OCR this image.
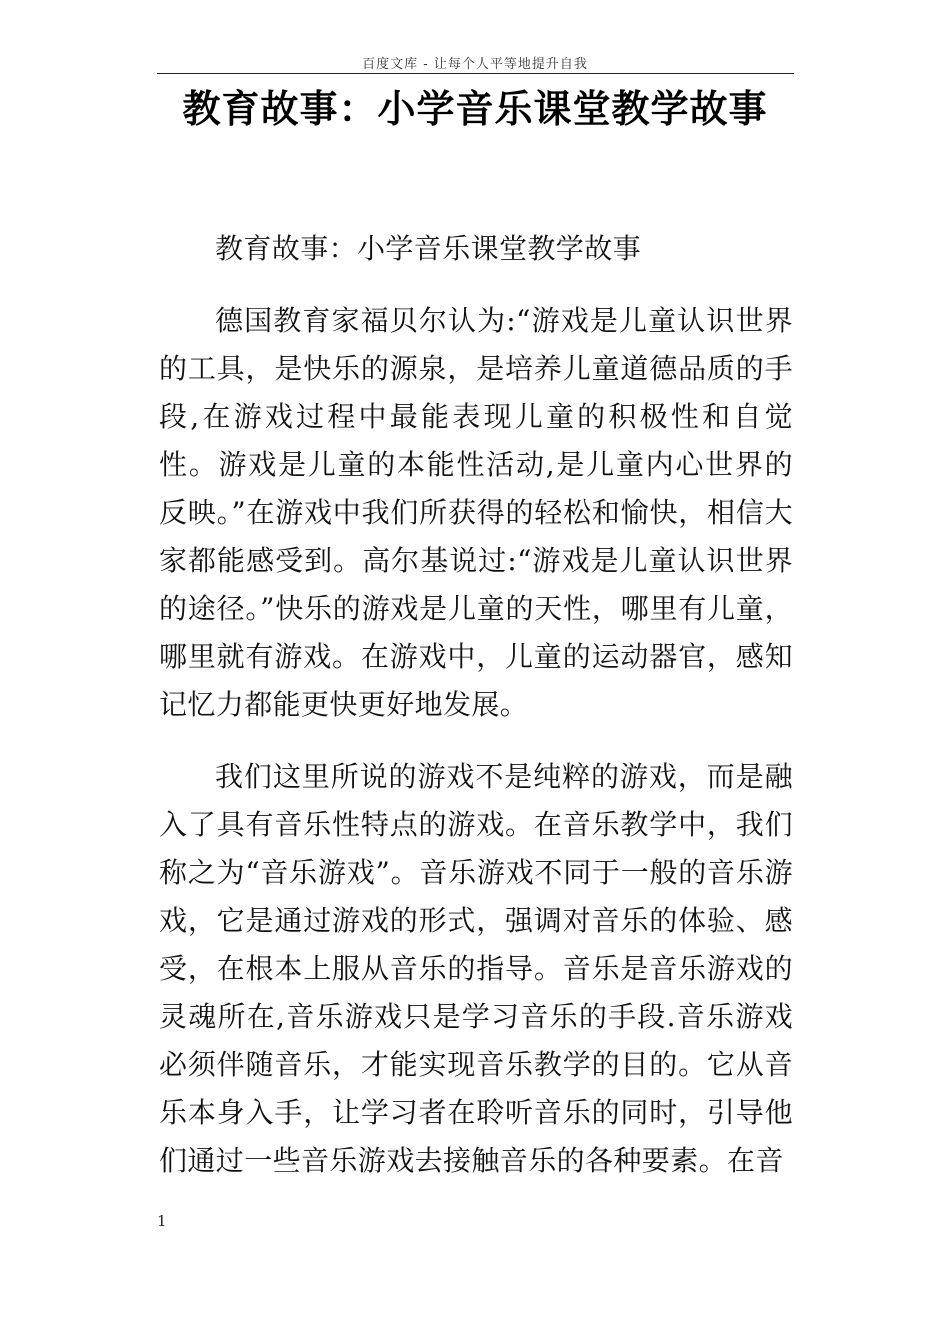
百度文库 - 让每个人平等地提升自我
教育故事：小学音乐课堂教学故事

教育故事：小学音乐课堂教学故事

德国教育家福贝尔认为:“游戏是儿童认识世界的工具，是快乐的源泉，是培养儿童道德品质的手段,在游戏过程中最能表现儿童的积极性和自觉性。游戏是儿童的本能性活动,是儿童内心世界的反映。”在游戏中我们所获得的轻松和愉快，相信大家都能感受到。高尔基说过:“游戏是儿童认识世界的途径。”快乐的游戏是儿童的天性，哪里有儿童，哪里就有游戏。在游戏中，儿童的运动器官，感知记忆力都能更快更好地发展。

我们这里所说的游戏不是纯粹的游戏，而是融入了具有音乐性特点的游戏。在音乐教学中，我们称之为“音乐游戏”。音乐游戏不同于一般的音乐游戏，它是通过游戏的形式，强调对音乐的体验、感受，在根本上服从音乐的指导。音乐是音乐游戏的灵魂所在,音乐游戏只是学习音乐的手段.音乐游戏必须伴随音乐，才能实现音乐教学的目的。它从音乐本身入手，让学习者在聆听音乐的同时，引导他们通过一些音乐游戏去接触音乐的各种要素。在音

1
